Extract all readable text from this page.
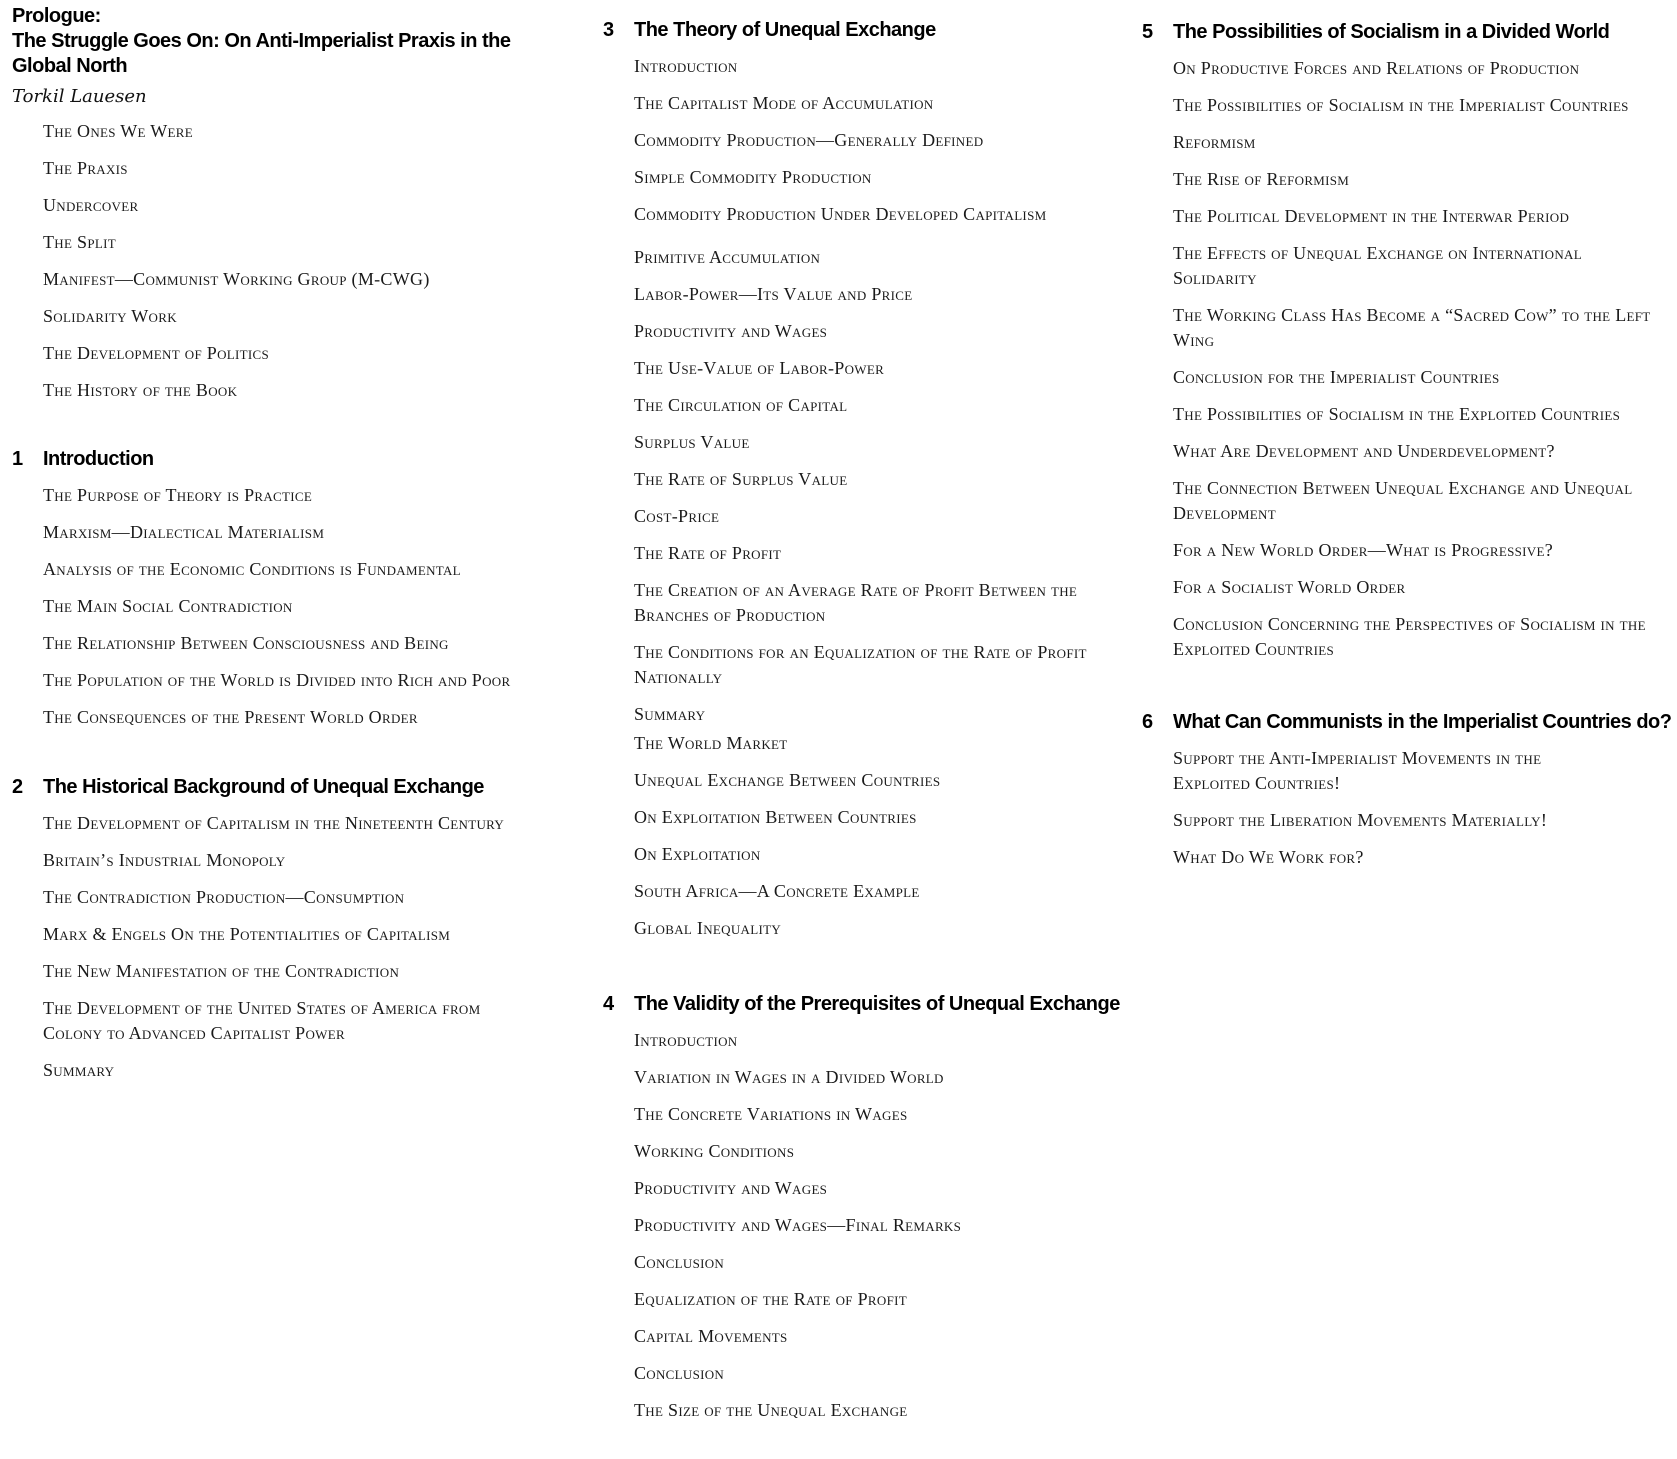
Prologue:
The Struggle Goes On: On Anti-Imperialist Praxis in the Global North
Torkil Lauesen
The Ones We Were
The Praxis
Undercover
The Split
Manifest—Communist Working Group (M-CWG)
Solidarity Work
The Development of Politics
The History of the Book
1 Introduction
The Purpose of Theory is Practice
Marxism—Dialectical Materialism
Analysis of the Economic Conditions is Fundamental
The Main Social Contradiction
The Relationship Between Consciousness and Being
The Population of the World is Divided into Rich and Poor
The Consequences of the Present World Order
2 The Historical Background of Unequal Exchange
The Development of Capitalism in the Nineteenth Century
Britain’s Industrial Monopoly
The Contradiction Production—Consumption
Marx & Engels On the Potentialities of Capitalism
The New Manifestation of the Contradiction
The Development of the United States of America from Colony to Advanced Capitalist Power
Summary
3 The Theory of Unequal Exchange
Introduction
The Capitalist Mode of Accumulation
Commodity Production—Generally Defined
Simple Commodity Production
Commodity Production Under Developed Capitalism
Primitive Accumulation
Labor-Power—Its Value and Price
Productivity and Wages
The Use-Value of Labor-Power
The Circulation of Capital
Surplus Value
The Rate of Surplus Value
Cost-Price
The Rate of Profit
The Creation of an Average Rate of Profit Between the Branches of Production
The Conditions for an Equalization of the Rate of Profit Nationally
Summary
The World Market
Unequal Exchange Between Countries
On Exploitation Between Countries
On Exploitation
South Africa—A Concrete Example
Global Inequality
4 The Validity of the Prerequisites of Unequal Exchange
Introduction
Variation in Wages in a Divided World
The Concrete Variations in Wages
Working Conditions
Productivity and Wages
Productivity and Wages—Final Remarks
Conclusion
Equalization of the Rate of Profit
Capital Movements
Conclusion
The Size of the Unequal Exchange
5 The Possibilities of Socialism in a Divided World
On Productive Forces and Relations of Production
The Possibilities of Socialism in the Imperialist Countries
Reformism
The Rise of Reformism
The Political Development in the Interwar Period
The Effects of Unequal Exchange on International Solidarity
The Working Class Has Become a “Sacred Cow” to the Left Wing
Conclusion for the Imperialist Countries
The Possibilities of Socialism in the Exploited Countries
What Are Development and Underdevelopment?
The Connection Between Unequal Exchange and Unequal Development
For a New World Order—What is Progressive?
For a Socialist World Order
Conclusion Concerning the Perspectives of Socialism in the Exploited Countries
6 What Can Communists in the Imperialist Countries do?
Support the Anti-Imperialist Movements in the Exploited Countries!
Support the Liberation Movements Materially!
What Do We Work for?
